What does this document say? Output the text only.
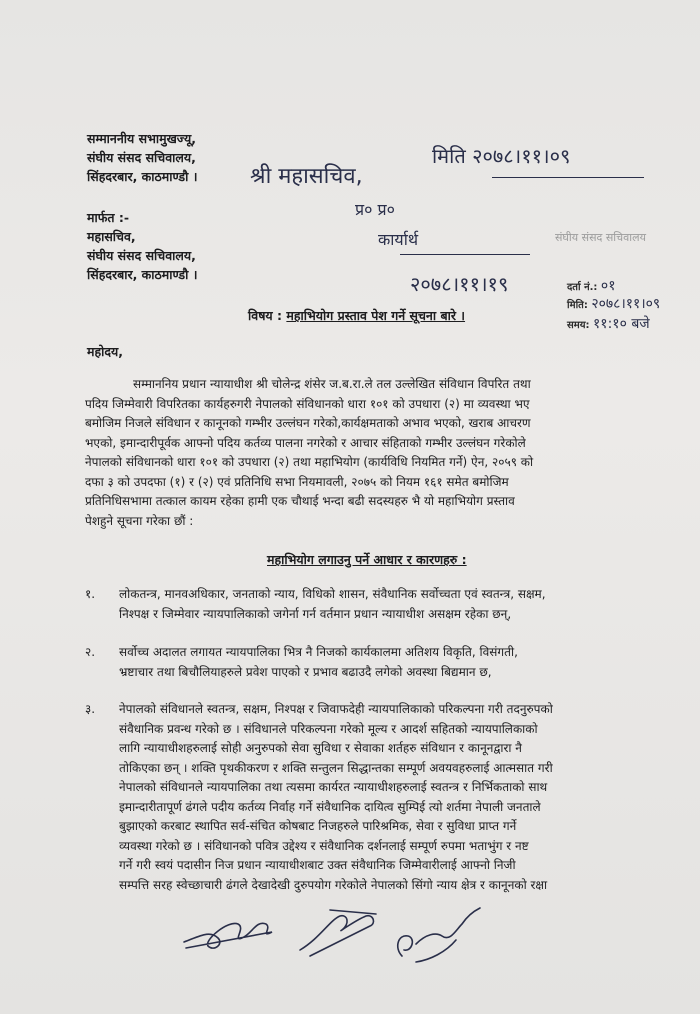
सम्माननीय सभामुखज्यू,
संघीय संसद सचिवालय,
सिंहदरबार, काठमाण्डौ ।
मार्फत :-
महासचिव,
संघीय संसद सचिवालय,
सिंहदरबार, काठमाण्डौ ।
मिति २०७८।११।०९
श्री महासचिव,
प्र० प्र०
कार्यार्थ
२०७८।११।१९
संघीय संसद सचिवालय
दर्ता नं.: ०१
मिति: २०७८।११।०९
समय: ११:१० बजे
विषय : महाभियोग प्रस्ताव पेश गर्ने सूचना बारे ।
महोदय,
सम्माननिय प्रधान न्यायाधीश श्री चोलेन्द्र शंसेर ज.ब.रा.ले तल उल्लेखित संविधान विपरित तथा
पदिय जिम्मेवारी विपरितका कार्यहरुगरी नेपालको संविधानको धारा १०१ को उपधारा (२) मा व्यवस्था भए
बमोजिम निजले संविधान र कानूनको गम्भीर उल्लंघन गरेको,कार्यक्षमताको अभाव भएको, खराब आचरण
भएको, इमान्दारीपूर्वक आफ्नो पदिय कर्तव्य पालना नगरेको र आचार संहिताको गम्भीर उल्लंघन गरेकोले
नेपालको संविधानको धारा १०१ को उपधारा (२) तथा महाभियोग (कार्यविधि नियमित गर्ने) ऐन, २०५९ को
दफा ३ को उपदफा (१) र (२) एवं प्रतिनिधि सभा नियमावली, २०७५ को नियम १६१ समेत बमोजिम
प्रतिनिधिसभामा तत्काल कायम रहेका हामी एक चौथाई भन्दा बढी सदस्यहरु भै यो महाभियोग प्रस्ताव
पेशहुने सूचना गरेका छौं :
महाभियोग लगाउनु पर्ने आधार र कारणहरु :
१.	लोकतन्त्र, मानवअधिकार, जनताको न्याय, विधिको शासन, संवैधानिक सर्वोच्चता एवं स्वतन्त्र, सक्षम,
निश्पक्ष र जिम्मेवार न्यायपालिकाको जगेर्ना गर्न वर्तमान प्रधान न्यायाधीश असक्षम रहेका छन्,
२.	सर्वोच्च अदालत लगायत न्यायपालिका भित्र नै निजको कार्यकालमा अतिशय विकृति, विसंगती,
भ्रष्टाचार तथा बिचौलियाहरुले प्रवेश पाएको र प्रभाव बढाउदै लगेको अवस्था बिद्यमान छ,
३.	नेपालको संविधानले स्वतन्त्र, सक्षम, निश्पक्ष र जिवाफदेही न्यायपालिकाको परिकल्पना गरी तदनुरुपको
संवैधानिक प्रवन्ध गरेको छ । संविधानले परिकल्पना गरेको मूल्य र आदर्श सहितको न्यायपालिकाको
लागि न्यायाधीशहरुलाई सोही अनुरुपको सेवा सुविधा र सेवाका शर्तहरु संविधान र कानूनद्वारा नै
तोकिएका छन् । शक्ति पृथकीकरण र शक्ति सन्तुलन सिद्धान्तका सम्पूर्ण अवयवहरुलाई आत्मसात गरी
नेपालको संविधानले न्यायपालिका तथा त्यसमा कार्यरत न्यायाधीशहरुलाई स्वतन्त्र र निर्भिकताको साथ
इमान्दारीतापूर्ण ढंगले पदीय कर्तव्य निर्वाह गर्ने संवैधानिक दायित्व सुम्पिई त्यो शर्तमा नेपाली जनताले
बुझाएको करबाट स्थापित सर्व-संचित कोषबाट निजहरुले पारिश्रमिक, सेवा र सुविधा प्राप्त गर्ने
व्यवस्था गरेको छ । संविधानको पवित्र उद्देश्य र संवैधानिक दर्शनलाई सम्पूर्ण रुपमा भताभुंग र नष्ट
गर्ने गरी स्वयं पदासीन निज प्रधान न्यायाधीशबाट उक्त संवैधानिक जिम्मेवारीलाई आफ्नो निजी
सम्पत्ति सरह स्वेच्छाचारी ढंगले देखादेखी दुरुपयोग गरेकोले नेपालको सिंगो न्याय क्षेत्र र कानूनको रक्षा
